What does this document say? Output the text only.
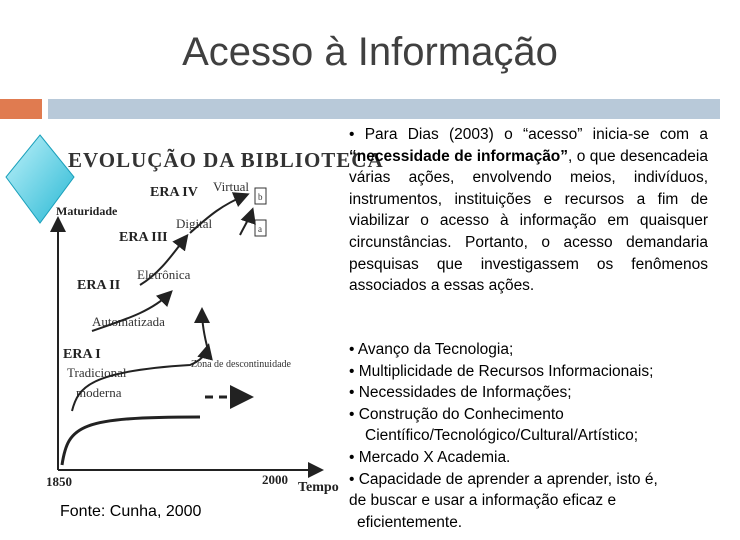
Acesso à Informação
EVOLUÇÃO DA BIBLIOTECA
Maturidade
Tempo
1850	2000
ERA I
ERA II
ERA III
ERA IV
Tradicional
moderna
Automatizada
Eletrônica
Digital
Virtual
Zona de descontinuidade
b
a
Fonte: Cunha, 2000
• Para Dias (2003) o “acesso” inicia-se com a “necessidade de informação”, o que desencadeia várias ações, envolvendo meios, indivíduos, instrumentos, instituições e recursos a fim de viabilizar o acesso à informação em quaisquer circunstâncias. Portanto, o acesso demandaria pesquisas que investigassem os fenômenos associados a essas ações.
• Avanço da Tecnologia;
• Multiplicidade de Recursos Informacionais;
• Necessidades de Informações;
• Construção do Conhecimento
Científico/Tecnológico/Cultural/Artístico;
• Mercado X Academia.
• Capacidade de aprender a aprender, isto é,
de buscar e usar a informação eficaz e
eficientemente.
